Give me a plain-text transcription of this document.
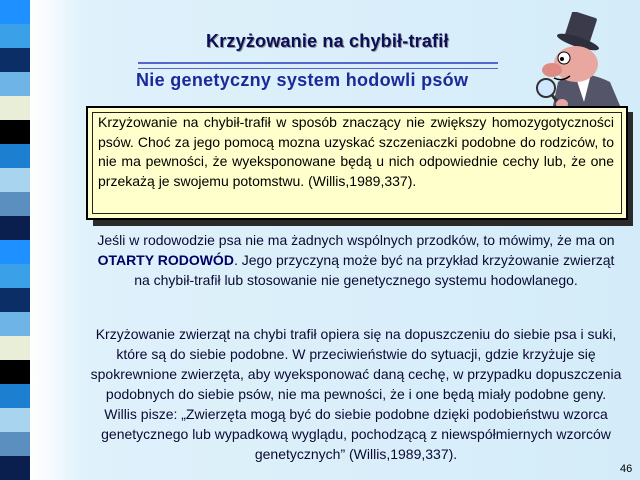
Krzyżowanie na chybił-trafił
Nie genetyczny system hodowli psów
Krzyżowanie na chybił-trafił w sposób znaczący nie zwiększy homozygotyczności psów. Choć za jego pomocą mozna uzyskać szczeniaczki podobne do rodziców, to nie ma pewności, że wyeksponowane będą u nich odpowiednie cechy lub, że one przekażą je swojemu potomstwu. (Willis,1989,337).
Jeśli w rodowodzie psa nie ma żadnych wspólnych przodków, to mówimy, że ma on OTARTY RODOWÓD. Jego przyczyną może być na przykład krzyżowanie zwierząt na chybił-trafił lub stosowanie nie genetycznego systemu hodowlanego.
Krzyżowanie zwierząt na chybi trafił opiera się na dopuszczeniu do siebie psa i suki, które są do siebie podobne. W przeciwieństwie do sytuacji, gdzie krzyżuje się spokrewnione zwierzęta, aby wyeksponować daną cechę, w przypadku dopuszczenia podobnych do siebie psów, nie ma pewności, że i one będą miały podobne geny. Willis pisze: „Zwierzęta mogą być do siebie podobne dzięki podobieństwu wzorca genetycznego lub wypadkową wyglądu, pochodzącą z niewspółmiernych wzorców genetycznych” (Willis,1989,337).
46
